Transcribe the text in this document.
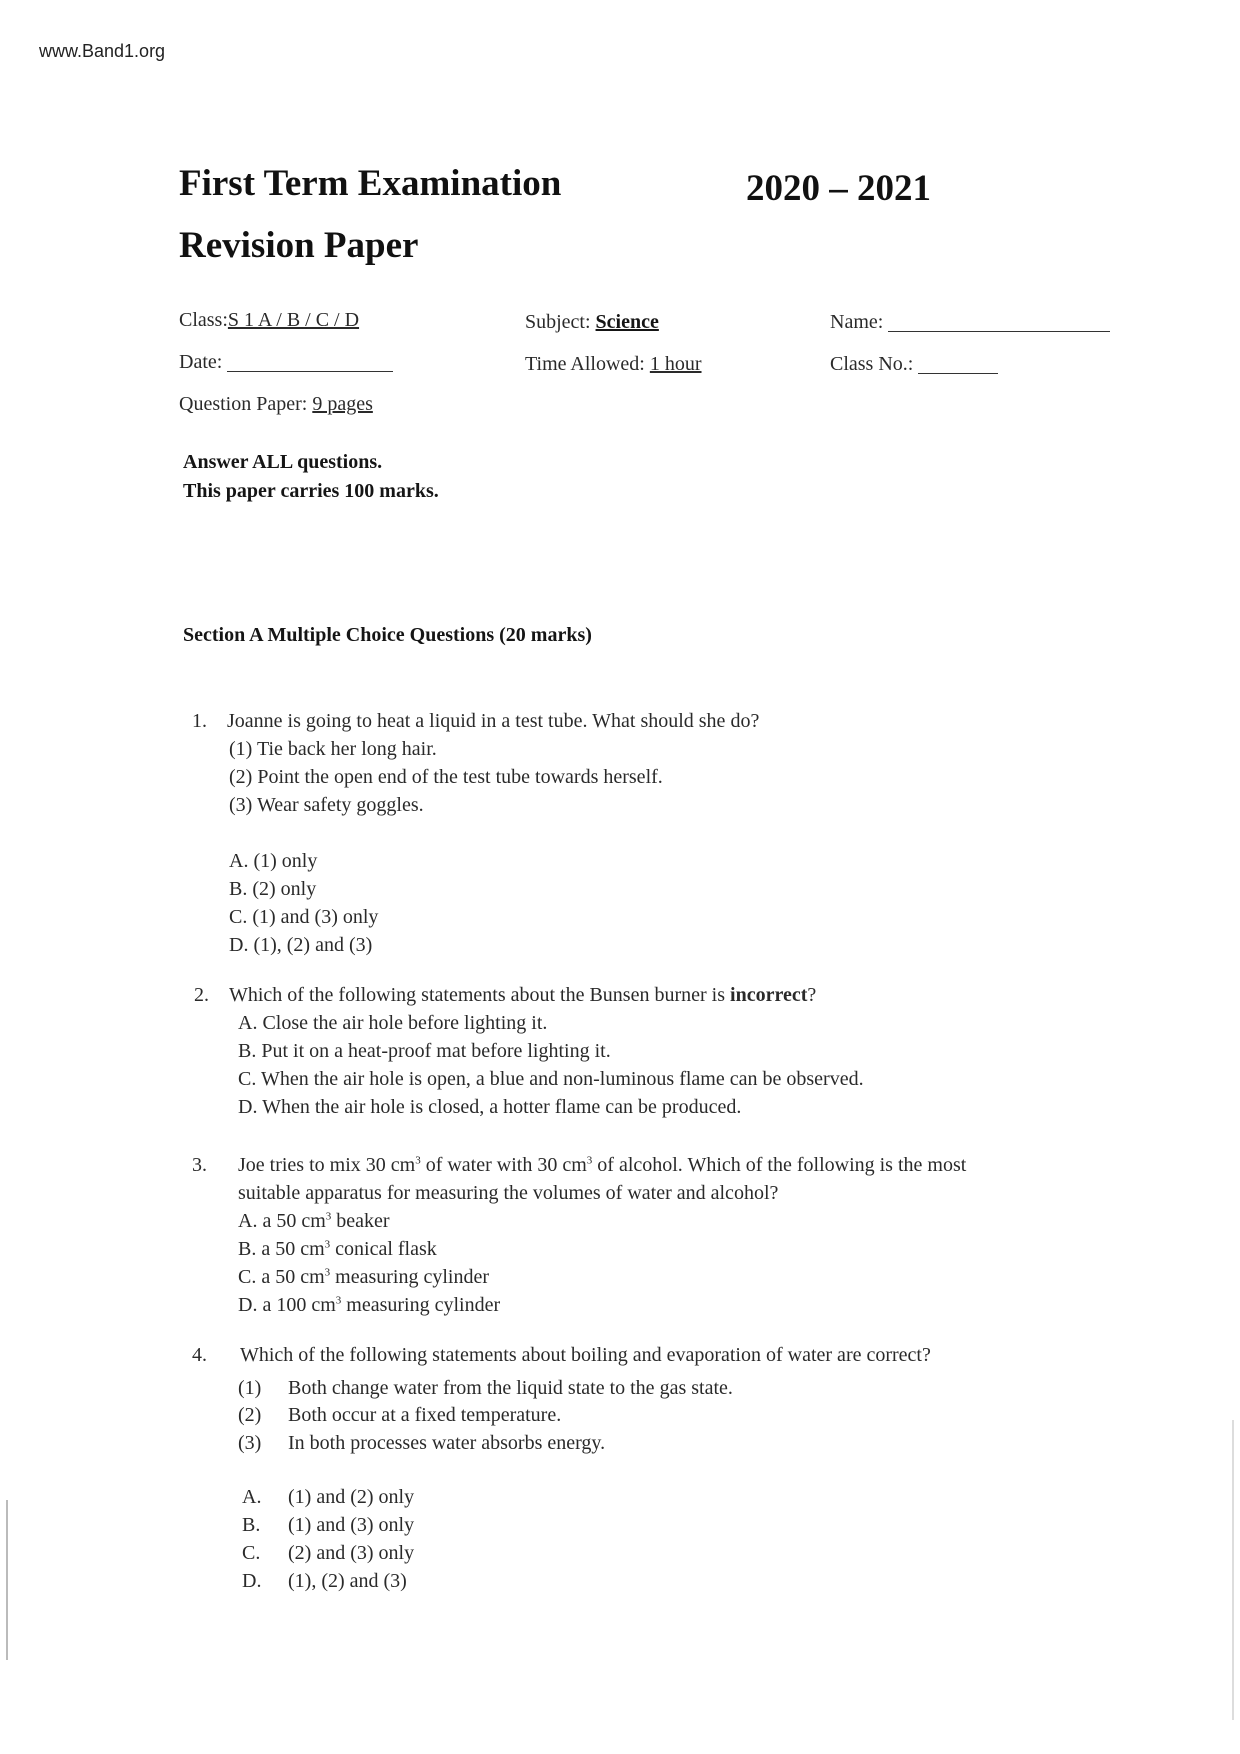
www.Band1.org
First Term Examination	2020 – 2021
Revision Paper
Class:S 1 A / B / C / D	Subject: Science	Name:
Date:	Time Allowed: 1 hour	Class No.:
Question Paper: 9 pages
Answer ALL questions.
This paper carries 100 marks.
Section A Multiple Choice Questions (20 marks)
1. Joanne is going to heat a liquid in a test tube. What should she do?
(1) Tie back her long hair.
(2) Point the open end of the test tube towards herself.
(3) Wear safety goggles.
A. (1) only
B. (2) only
C. (1) and (3) only
D. (1), (2) and (3)
2. Which of the following statements about the Bunsen burner is incorrect?
A. Close the air hole before lighting it.
B. Put it on a heat-proof mat before lighting it.
C. When the air hole is open, a blue and non-luminous flame can be observed.
D. When the air hole is closed, a hotter flame can be produced.
3. Joe tries to mix 30 $cm^3$ of water with 30 $cm^3$ of alcohol. Which of the following is the most
suitable apparatus for measuring the volumes of water and alcohol?
A. a 50 $cm^3$ beaker
B. a 50 $cm^3$ conical flask
C. a 50 $cm^3$ measuring cylinder
D. a 100 $cm^3$ measuring cylinder
4. Which of the following statements about boiling and evaporation of water are correct?
(1) Both change water from the liquid state to the gas state.
(2) Both occur at a fixed temperature.
(3) In both processes water absorbs energy.
A. (1) and (2) only
B. (1) and (3) only
C. (2) and (3) only
D. (1), (2) and (3)
